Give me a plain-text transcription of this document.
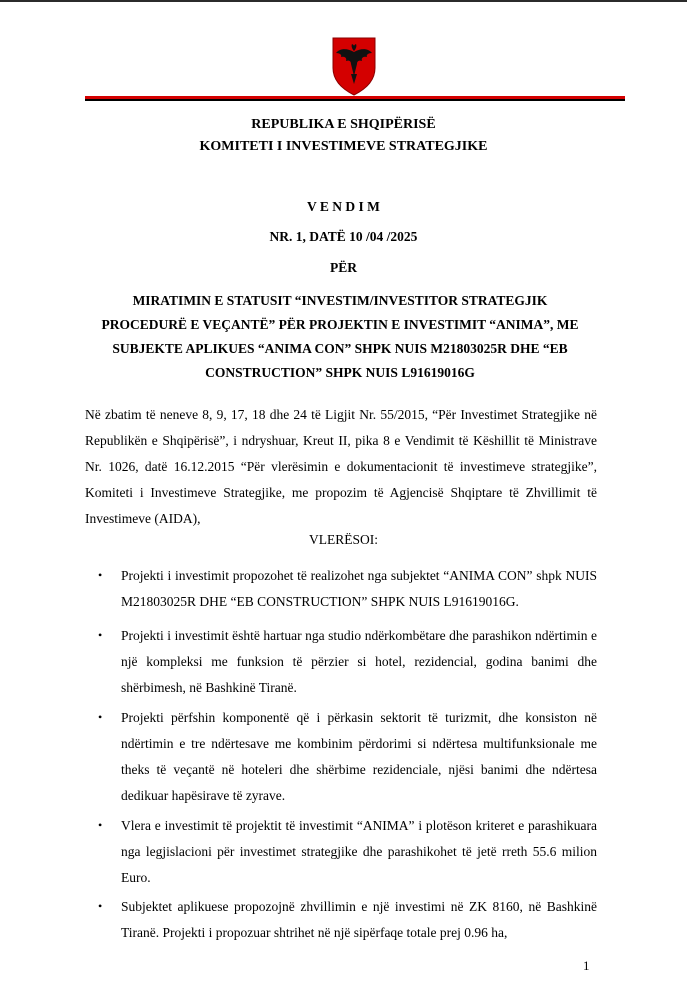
REPUBLIKA E SHQIPËRISË

KOMITETI I INVESTIMEVE STRATEGJIKE

V E N D I M

NR. 1, DATË 10 /04 /2025

PËR

MIRATIMIN E STATUSIT “INVESTIM/INVESTITOR STRATEGJIK
PROCEDURË E VEÇANTË” PËR PROJEKTIN E INVESTIMIT “ANIMA”, ME
SUBJEKTE APLIKUES “ANIMA CON” SHPK NUIS M21803025R DHE “EB
CONSTRUCTION” SHPK NUIS L91619016G

Në zbatim të neneve 8, 9, 17, 18 dhe 24 të Ligjit Nr. 55/2015, “Për Investimet Strategjike në Republikën e Shqipërisë”, i ndryshuar, Kreut II, pika 8 e Vendimit të Këshillit të Ministrave Nr. 1026, datë 16.12.2015 “Për vlerësimin e dokumentacionit të investimeve strategjike”, Komiteti i Investimeve Strategjike, me propozim të Agjencisë Shqiptare të Zhvillimit të Investimeve (AIDA),

VLERËSOI:

•	Projekti i investimit propozohet të realizohet nga subjektet “ANIMA CON” shpk NUIS M21803025R DHE “EB CONSTRUCTION” SHPK NUIS L91619016G.

•	Projekti i investimit është hartuar nga studio ndërkombëtare dhe parashikon ndërtimin e një kompleksi me funksion të përzier si hotel, rezidencial, godina banimi dhe shërbimesh, në Bashkinë Tiranë.

•	Projekti përfshin komponentë që i përkasin sektorit të turizmit, dhe konsiston në ndërtimin e tre ndërtesave me kombinim përdorimi si ndërtesa multifunksionale me theks të veçantë në hoteleri dhe shërbime rezidenciale, njësi banimi dhe ndërtesa dedikuar hapësirave të zyrave.

•	Vlera e investimit të projektit të investimit “ANIMA” i plotëson kriteret e parashikuara nga legjislacioni për investimet strategjike dhe parashikohet të jetë rreth 55.6 milion Euro.

•	Subjektet aplikuese propozojnë zhvillimin e një investimi në ZK 8160, në Bashkinë Tiranë. Projekti i propozuar shtrihet në një sipërfaqe totale prej 0.96 ha,

1
